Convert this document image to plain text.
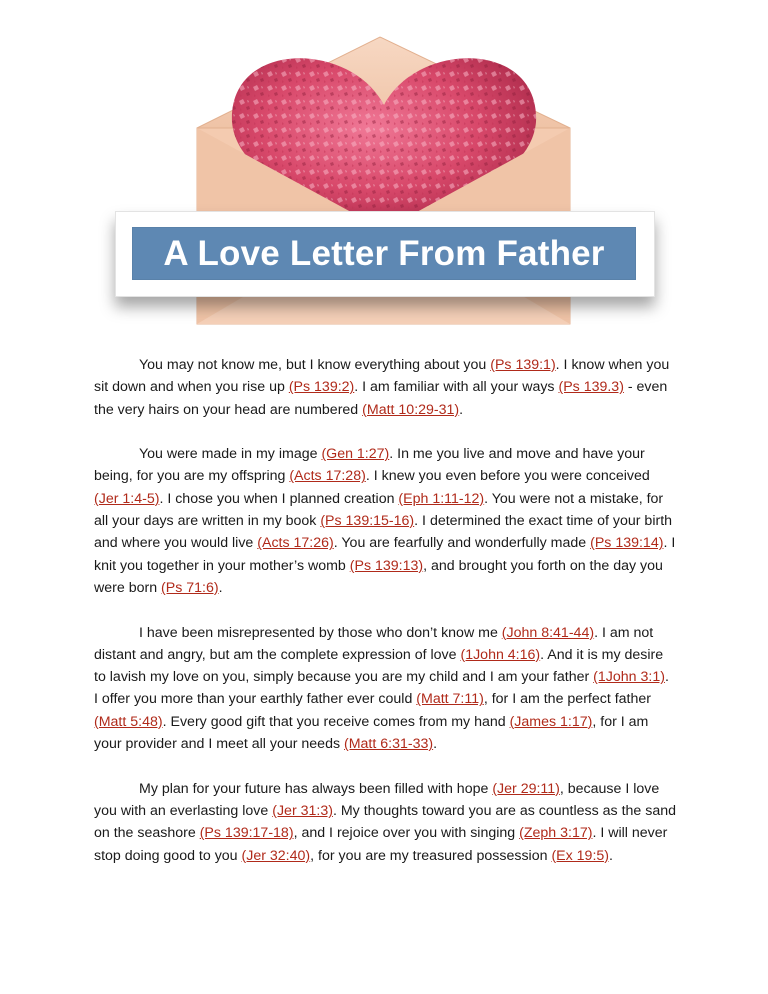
A Love Letter From Father

You may not know me, but I know everything about you (Ps 139:1). I know when you sit down and when you rise up (Ps 139:2). I am familiar with all your ways (Ps 139.3) - even the very hairs on your head are numbered (Matt 10:29-31).

You were made in my image (Gen 1:27). In me you live and move and have your being, for you are my offspring (Acts 17:28). I knew you even before you were conceived (Jer 1:4-5). I chose you when I planned creation (Eph 1:11-12). You were not a mistake, for all your days are written in my book (Ps 139:15-16). I determined the exact time of your birth and where you would live (Acts 17:26). You are fearfully and wonderfully made (Ps 139:14). I knit you together in your mother’s womb (Ps 139:13), and brought you forth on the day you were born (Ps 71:6).

I have been misrepresented by those who don’t know me (John 8:41-44). I am not distant and angry, but am the complete expression of love (1John 4:16). And it is my desire to lavish my love on you, simply because you are my child and I am your father (1John 3:1). I offer you more than your earthly father ever could (Matt 7:11), for I am the perfect father (Matt 5:48). Every good gift that you receive comes from my hand (James 1:17), for I am your provider and I meet all your needs (Matt 6:31-33).

My plan for your future has always been filled with hope (Jer 29:11), because I love you with an everlasting love (Jer 31:3). My thoughts toward you are as countless as the sand on the seashore (Ps 139:17-18), and I rejoice over you with singing (Zeph 3:17). I will never stop doing good to you (Jer 32:40), for you are my treasured possession (Ex 19:5).
